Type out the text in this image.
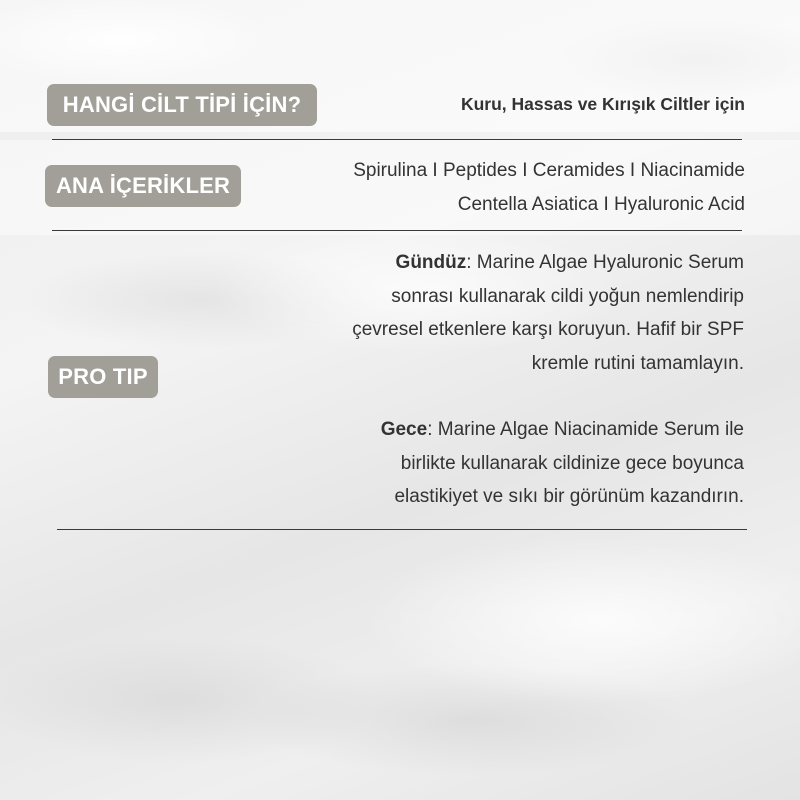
HANGİ CİLT TİPİ İÇİN?	Kuru, Hassas ve Kırışık Ciltler için
ANA İÇERİKLER
Spirulina I Peptides I Ceramides I Niacinamide
Centella Asiatica I Hyaluronic Acid
PRO TIP
Gündüz: Marine Algae Hyaluronic Serum
sonrası kullanarak cildi yoğun nemlendirip
çevresel etkenlere karşı koruyun. Hafif bir SPF
kremle rutini tamamlayın.
Gece: Marine Algae Niacinamide Serum ile
birlikte kullanarak cildinize gece boyunca
elastikiyet ve sıkı bir görünüm kazandırın.
